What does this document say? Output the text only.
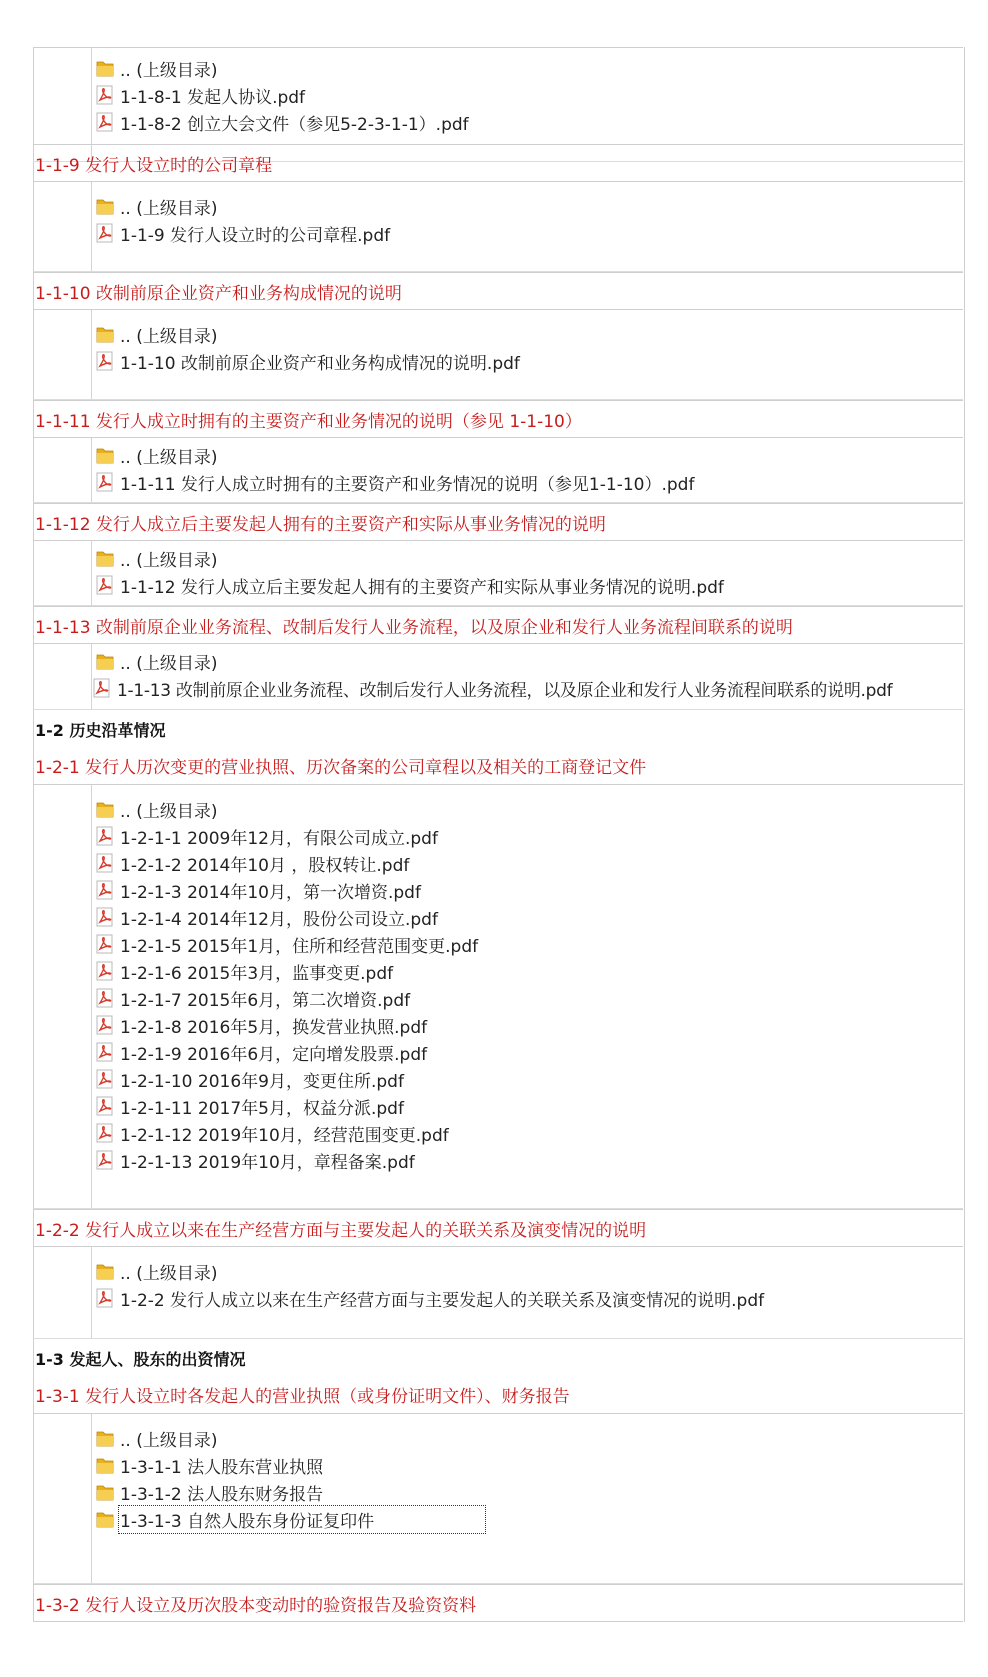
.. (上级目录)
1-1-8-1 发起人协议.pdf
1-1-8-2 创立大会文件（参见5-2-3-1-1）.pdf
1-1-9 发行人设立时的公司章程
.. (上级目录)
1-1-9 发行人设立时的公司章程.pdf
1-1-10 改制前原企业资产和业务构成情况的说明
.. (上级目录)
1-1-10 改制前原企业资产和业务构成情况的说明.pdf
1-1-11 发行人成立时拥有的主要资产和业务情况的说明（参见 1-1-10）
.. (上级目录)
1-1-11 发行人成立时拥有的主要资产和业务情况的说明（参见1-1-10）.pdf
1-1-12 发行人成立后主要发起人拥有的主要资产和实际从事业务情况的说明
.. (上级目录)
1-1-12 发行人成立后主要发起人拥有的主要资产和实际从事业务情况的说明.pdf
1-1-13 改制前原企业业务流程、改制后发行人业务流程，以及原企业和发行人业务流程间联系的说明
.. (上级目录)
1-1-13 改制前原企业业务流程、改制后发行人业务流程，以及原企业和发行人业务流程间联系的说明.pdf
1-2 历史沿革情况
1-2-1 发行人历次变更的营业执照、历次备案的公司章程以及相关的工商登记文件
.. (上级目录)
1-2-1-1 2009年12月，有限公司成立.pdf
1-2-1-2 2014年10月 ，股权转让.pdf
1-2-1-3 2014年10月，第一次增资.pdf
1-2-1-4 2014年12月，股份公司设立.pdf
1-2-1-5 2015年1月，住所和经营范围变更.pdf
1-2-1-6 2015年3月，监事变更.pdf
1-2-1-7 2015年6月，第二次增资.pdf
1-2-1-8 2016年5月，换发营业执照.pdf
1-2-1-9 2016年6月，定向增发股票.pdf
1-2-1-10 2016年9月，变更住所.pdf
1-2-1-11 2017年5月，权益分派.pdf
1-2-1-12 2019年10月，经营范围变更.pdf
1-2-1-13 2019年10月，章程备案.pdf
1-2-2 发行人成立以来在生产经营方面与主要发起人的关联关系及演变情况的说明
.. (上级目录)
1-2-2 发行人成立以来在生产经营方面与主要发起人的关联关系及演变情况的说明.pdf
1-3 发起人、股东的出资情况
1-3-1 发行人设立时各发起人的营业执照（或身份证明文件）、财务报告
.. (上级目录)
1-3-1-1 法人股东营业执照
1-3-1-2 法人股东财务报告
1-3-1-3 自然人股东身份证复印件
1-3-2 发行人设立及历次股本变动时的验资报告及验资资料
